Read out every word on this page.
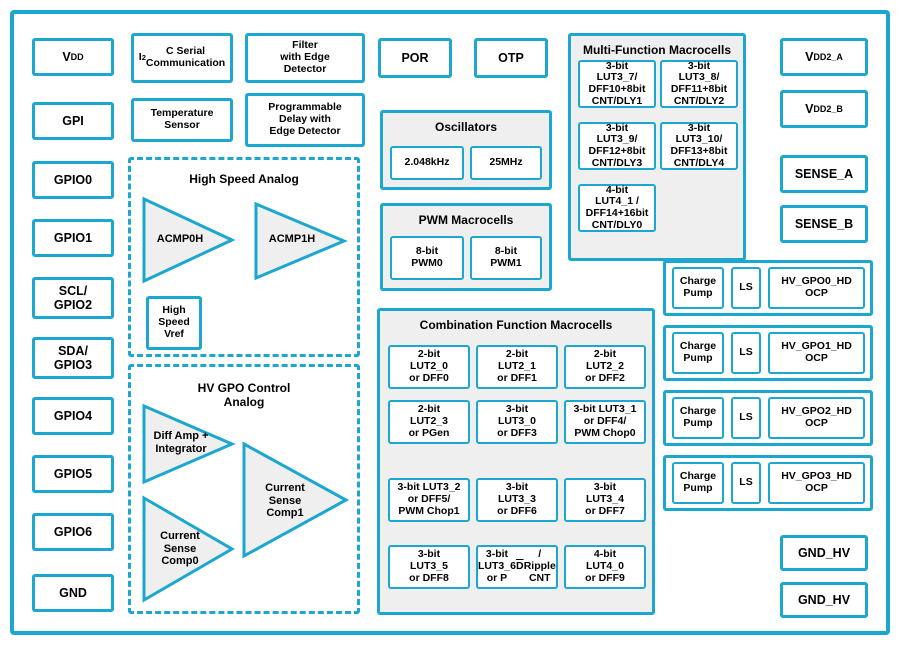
V DD
GPI
GPIO0
GPIO1
SCL/
GPIO2
SDA/
GPIO3
GPIO4
GPIO5
GPIO6
GND
V DD2_A
V DD2_B
SENSE_A
SENSE_B
GND_HV
GND_HV
I 2
C Serial
Communication
Filter
with Edge
Detector
POR	OTP
Temperature
Sensor
Programmable
Delay with
Edge Detector
Multi-Function Macrocells
3-bit
LUT3_7/
DFF10+8bit
CNT/DLY1
3-bit
LUT3_8/
DFF11+8bit
CNT/DLY2
3-bit
LUT3_9/
DFF12+8bit
CNT/DLY3
3-bit
LUT3_10/
DFF13+8bit
CNT/DLY4
4-bit
LUT4_1 /
DFF14+16bit
CNT/DLY0
Oscillators
2.048kHz	25MHz
PWM Macrocells
8-bit
PWM0
8-bit
PWM1
Combination Function Macrocells
2-bit
LUT2_0
or DFF0
2-bit
LUT2_1
or DFF1
2-bit
LUT2_2
or DFF2
2-bit
LUT2_3
or PGen
3-bit
LUT3_0
or DFF3
3-bit LUT3_1
or DFF4/
PWM Chop0
3-bit LUT3_2
or DFF5/
PWM Chop1
3-bit
LUT3_3
or DFF6
3-bit
LUT3_4
or DFF7
3-bit
LUT3_5
or DFF8
3-bit
LUT3_6
or P
$\overline{D}$
/
Ripple CNT
4-bit
LUT4_0
or DFF9
High Speed Analog
ACMP0H	ACMP1H
High
Speed
Vref
HV GPO Control
Analog
Diff Amp +
Integrator
Current
Sense
Comp0
Current
Sense
Comp1
Charge
Pump	LS	HV_GPO0_HD
OCP
Charge
Pump	LS	HV_GPO1_HD
OCP
Charge
Pump	LS	HV_GPO2_HD
OCP
Charge
Pump	LS	HV_GPO3_HD
OCP
